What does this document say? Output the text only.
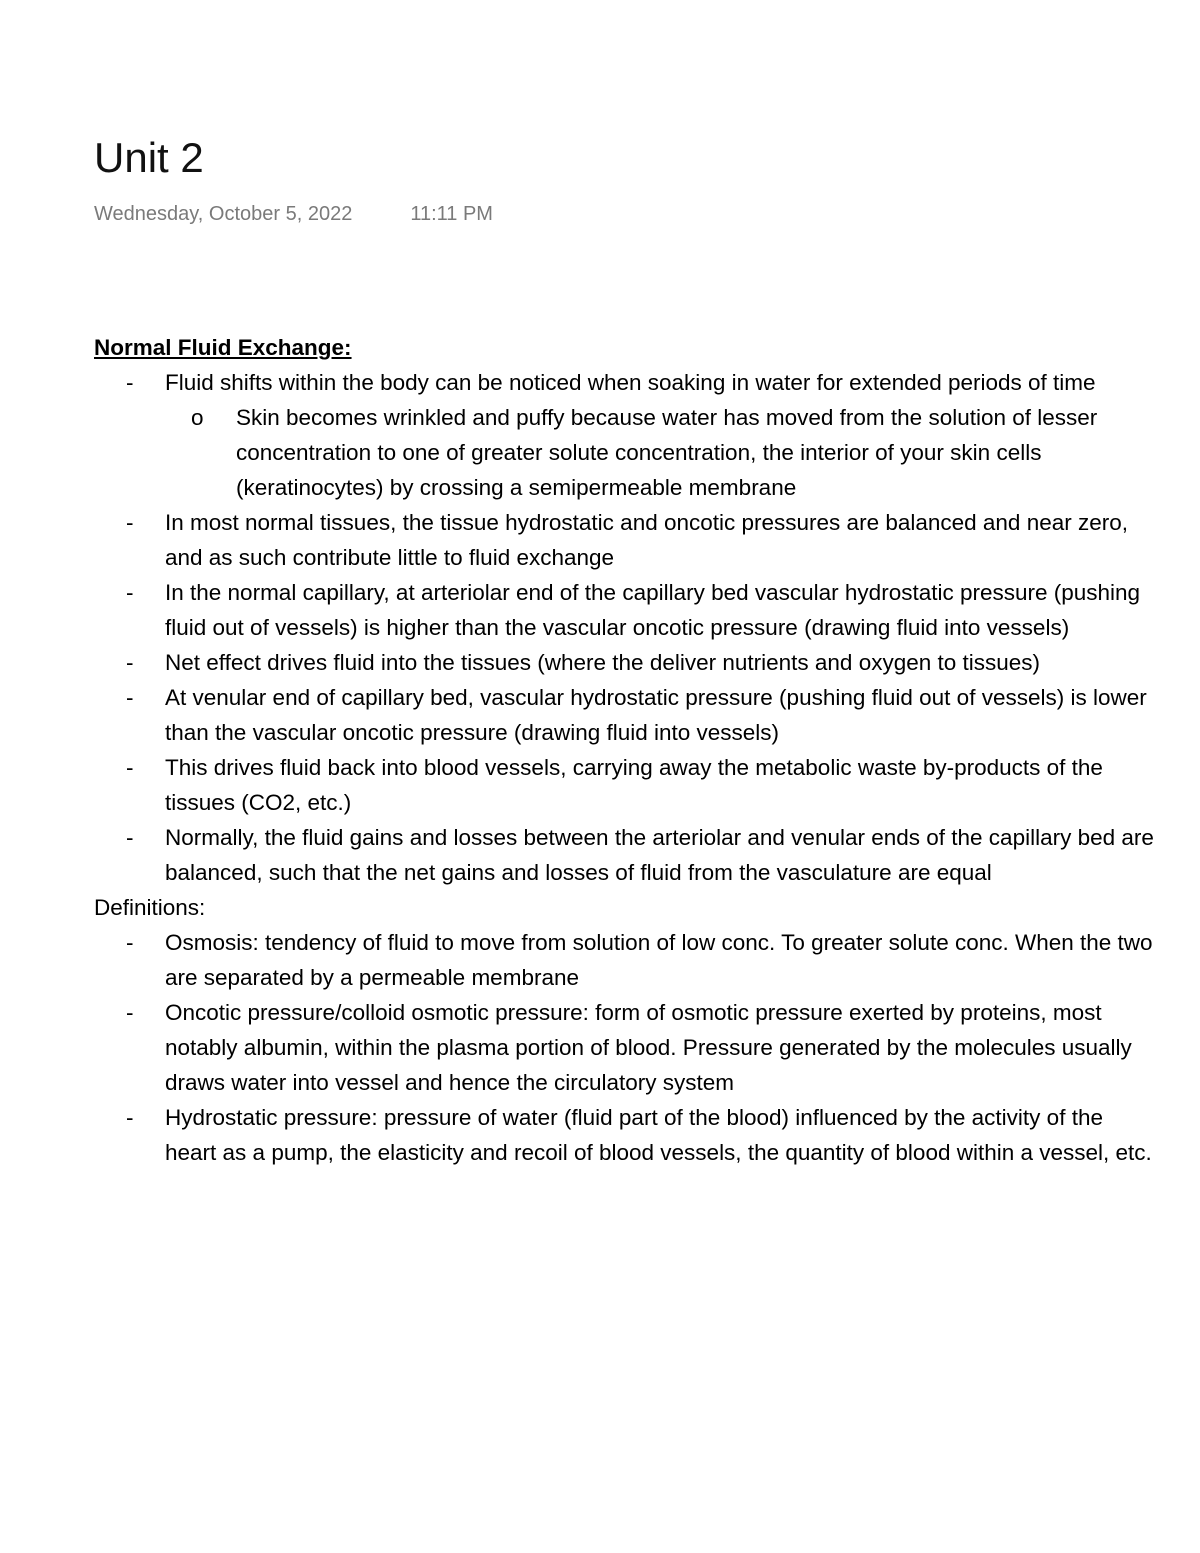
Unit 2
Wednesday, October 5, 2022	11:11 PM
Normal Fluid Exchange:
- Fluid shifts within the body can be noticed when soaking in water for extended periods of time
o Skin becomes wrinkled and puffy because water has moved from the solution of lesser concentration to one of greater solute concentration, the interior of your skin cells (keratinocytes) by crossing a semipermeable membrane
- In most normal tissues, the tissue hydrostatic and oncotic pressures are balanced and near zero, and as such contribute little to fluid exchange
- In the normal capillary, at arteriolar end of the capillary bed vascular hydrostatic pressure (pushing fluid out of vessels) is higher than the vascular oncotic pressure (drawing fluid into vessels)
- Net effect drives fluid into the tissues (where the deliver nutrients and oxygen to tissues)
- At venular end of capillary bed, vascular hydrostatic pressure (pushing fluid out of vessels) is lower than the vascular oncotic pressure (drawing fluid into vessels)
- This drives fluid back into blood vessels, carrying away the metabolic waste by-products of the tissues (CO2, etc.)
- Normally, the fluid gains and losses between the arteriolar and venular ends of the capillary bed are balanced, such that the net gains and losses of fluid from the vasculature are equal
Definitions:
- Osmosis: tendency of fluid to move from solution of low conc. To greater solute conc. When the two are separated by a permeable membrane
- Oncotic pressure/colloid osmotic pressure: form of osmotic pressure exerted by proteins, most notably albumin, within the plasma portion of blood. Pressure generated by the molecules usually draws water into vessel and hence the circulatory system
- Hydrostatic pressure: pressure of water (fluid part of the blood) influenced by the activity of the heart as a pump, the elasticity and recoil of blood vessels, the quantity of blood within a vessel, etc.
